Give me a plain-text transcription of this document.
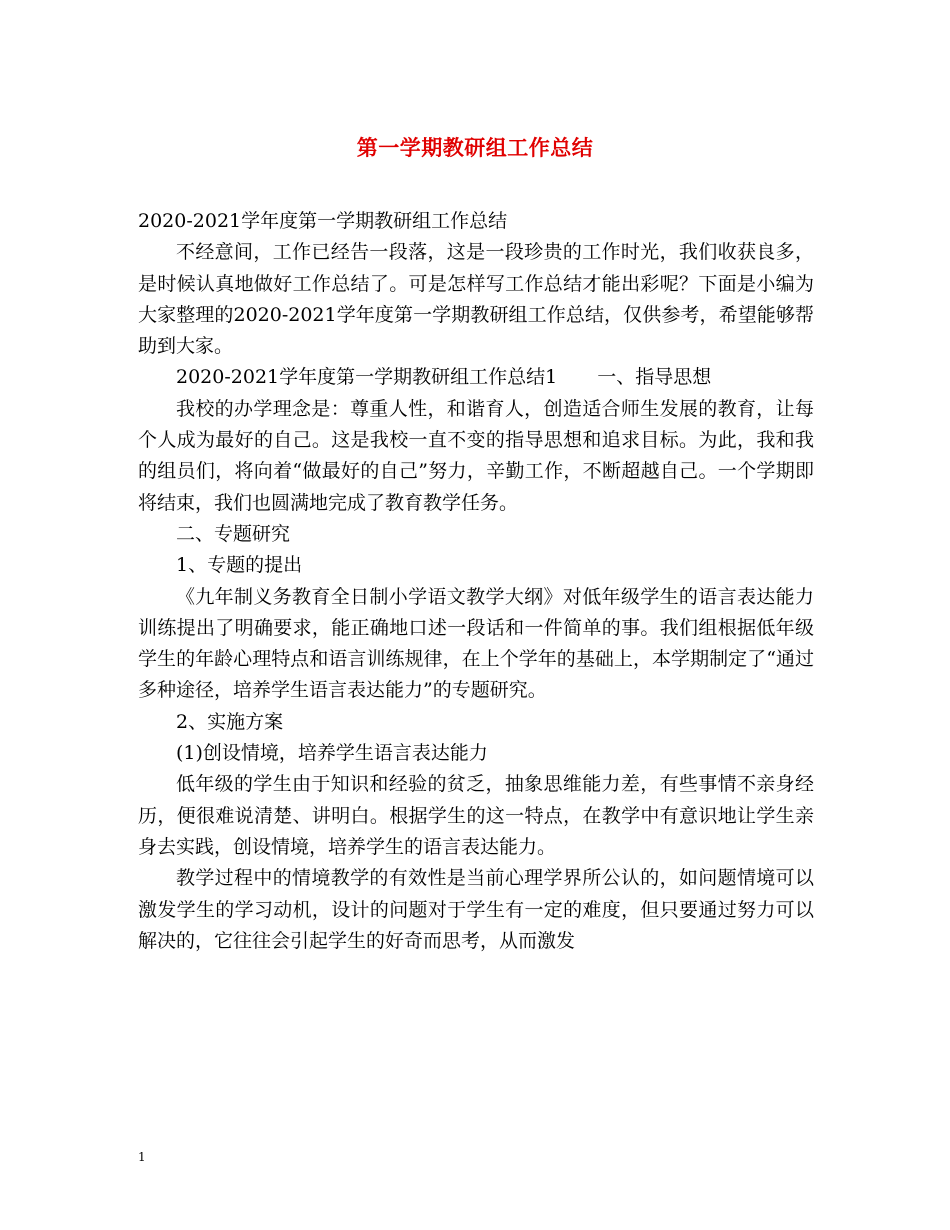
第一学期教研组工作总结

2020-2021学年度第一学期教研组工作总结

不经意间，工作已经告一段落，这是一段珍贵的工作时光，我们收获良多，是时候认真地做好工作总结了。可是怎样写工作总结才能出彩呢？下面是小编为大家整理的2020-2021学年度第一学期教研组工作总结，仅供参考，希望能够帮助到大家。

2020-2021学年度第一学期教研组工作总结1 一、指导思想

我校的办学理念是：尊重人性，和谐育人，创造适合师生发展的教育，让每个人成为最好的自己。这是我校一直不变的指导思想和追求目标。为此，我和我的组员们，将向着“做最好的自己”努力，辛勤工作，不断超越自己。一个学期即将结束，我们也圆满地完成了教育教学任务。

二、专题研究

1、专题的提出

《九年制义务教育全日制小学语文教学大纲》对低年级学生的语言表达能力训练提出了明确要求，能正确地口述一段话和一件简单的事。我们组根据低年级学生的年龄心理特点和语言训练规律，在上个学年的基础上，本学期制定了“通过多种途径，培养学生语言表达能力”的专题研究。

2、实施方案

(1)创设情境，培养学生语言表达能力

低年级的学生由于知识和经验的贫乏，抽象思维能力差，有些事情不亲身经历，便很难说清楚、讲明白。根据学生的这一特点，在教学中有意识地让学生亲身去实践，创设情境，培养学生的语言表达能力。

教学过程中的情境教学的有效性是当前心理学界所公认的，如问题情境可以激发学生的学习动机，设计的问题对于学生有一定的难度，但只要通过努力可以解决的，它往往会引起学生的好奇而思考，从而激发

1
